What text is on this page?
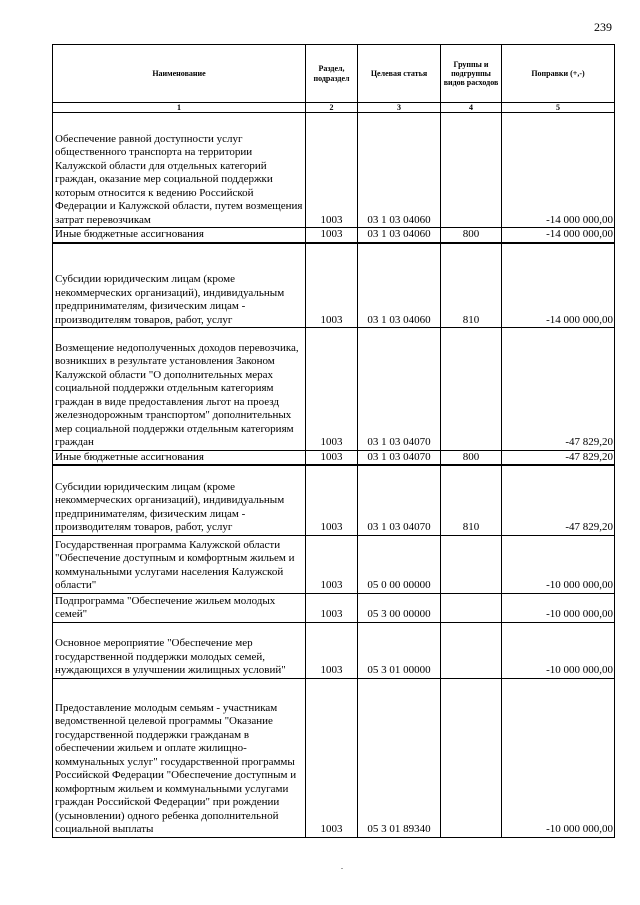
239
Наименование	Раздел, подраздел	Целевая статья	Группы и подгруппы видов расходов	Поправки (+,-)
1	2	3	4	5

Обеспечение равной доступности услуг общественного транспорта на территории Калужской области для отдельных категорий граждан, оказание мер социальной поддержки которым относится к ведению Российской Федерации и Калужской области, путем возмещения затрат перевозчикам	1003	03 1 03 04060		-14 000 000,00
Иные бюджетные ассигнования	1003	03 1 03 04060	800	-14 000 000,00
Субсидии юридическим лицам (кроме некоммерческих организаций), индивидуальным предпринимателям, физическим лицам - производителям товаров, работ, услуг	1003	03 1 03 04060	810	-14 000 000,00

Возмещение недополученных доходов перевозчика, возникших в результате установления Законом Калужской области "О дополнительных мерах социальной поддержки отдельным категориям граждан в виде предоставления льгот на проезд железнодорожным транспортом" дополнительных мер социальной поддержки отдельным категориям граждан	1003	03 1 03 04070		-47 829,20
Иные бюджетные ассигнования	1003	03 1 03 04070	800	-47 829,20
Субсидии юридическим лицам (кроме некоммерческих организаций), индивидуальным предпринимателям, физическим лицам - производителям товаров, работ, услуг	1003	03 1 03 04070	810	-47 829,20
Государственная программа Калужской области "Обеспечение доступным и комфортным жильем и коммунальными услугами населения Калужской области"	1003	05 0 00 00000		-10 000 000,00
Подпрограмма "Обеспечение жильем молодых семей"	1003	05 3 00 00000		-10 000 000,00
Основное мероприятие "Обеспечение мер государственной поддержки молодых семей, нуждающихся в улучшении жилищных условий"	1003	05 3 01 00000		-10 000 000,00
Предоставление молодым семьям - участникам ведомственной целевой программы "Оказание государственной поддержки гражданам в обеспечении жильем и оплате жилищно-коммунальных услуг" государственной программы Российской Федерации "Обеспечение доступным и комфортным жильем и коммунальными услугами граждан Российской Федерации" при рождении (усыновлении) одного ребенка дополнительной социальной выплаты	1003	05 3 01 89340		-10 000 000,00
.
